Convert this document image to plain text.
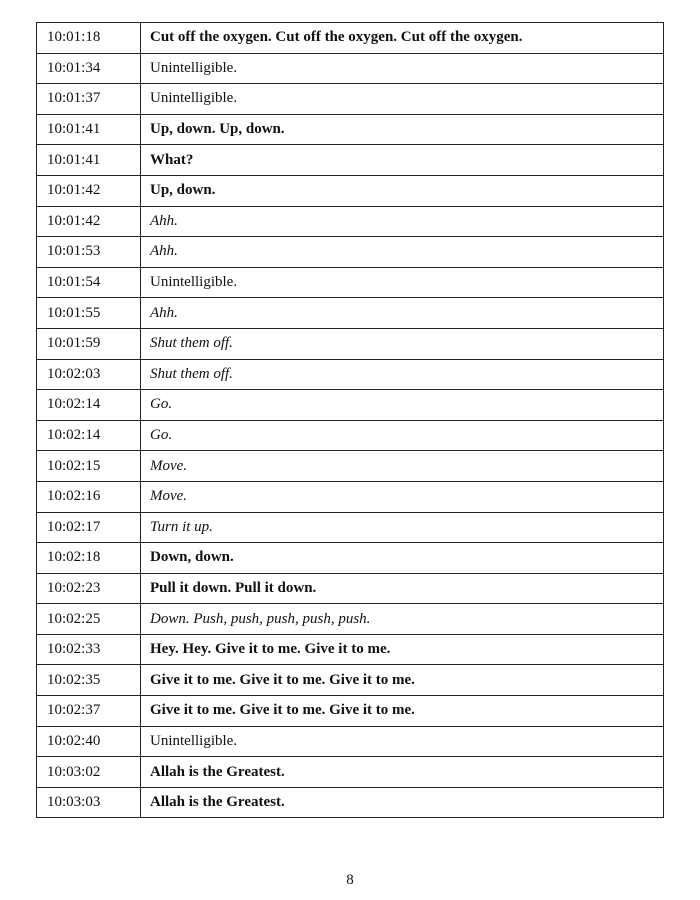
10:01:18	Cut off the oxygen. Cut off the oxygen. Cut off the oxygen.
10:01:34	Unintelligible.
10:01:37	Unintelligible.
10:01:41	Up, down. Up, down.
10:01:41	What?
10:01:42	Up, down.
10:01:42	Ahh.
10:01:53	Ahh.
10:01:54	Unintelligible.
10:01:55	Ahh.
10:01:59	Shut them off.
10:02:03	Shut them off.
10:02:14	Go.
10:02:14	Go.
10:02:15	Move.
10:02:16	Move.
10:02:17	Turn it up.
10:02:18	Down, down.
10:02:23	Pull it down. Pull it down.
10:02:25	Down. Push, push, push, push, push.
10:02:33	Hey. Hey. Give it to me. Give it to me.
10:02:35	Give it to me. Give it to me. Give it to me.
10:02:37	Give it to me. Give it to me. Give it to me.
10:02:40	Unintelligible.
10:03:02	Allah is the Greatest.
10:03:03	Allah is the Greatest.
8
